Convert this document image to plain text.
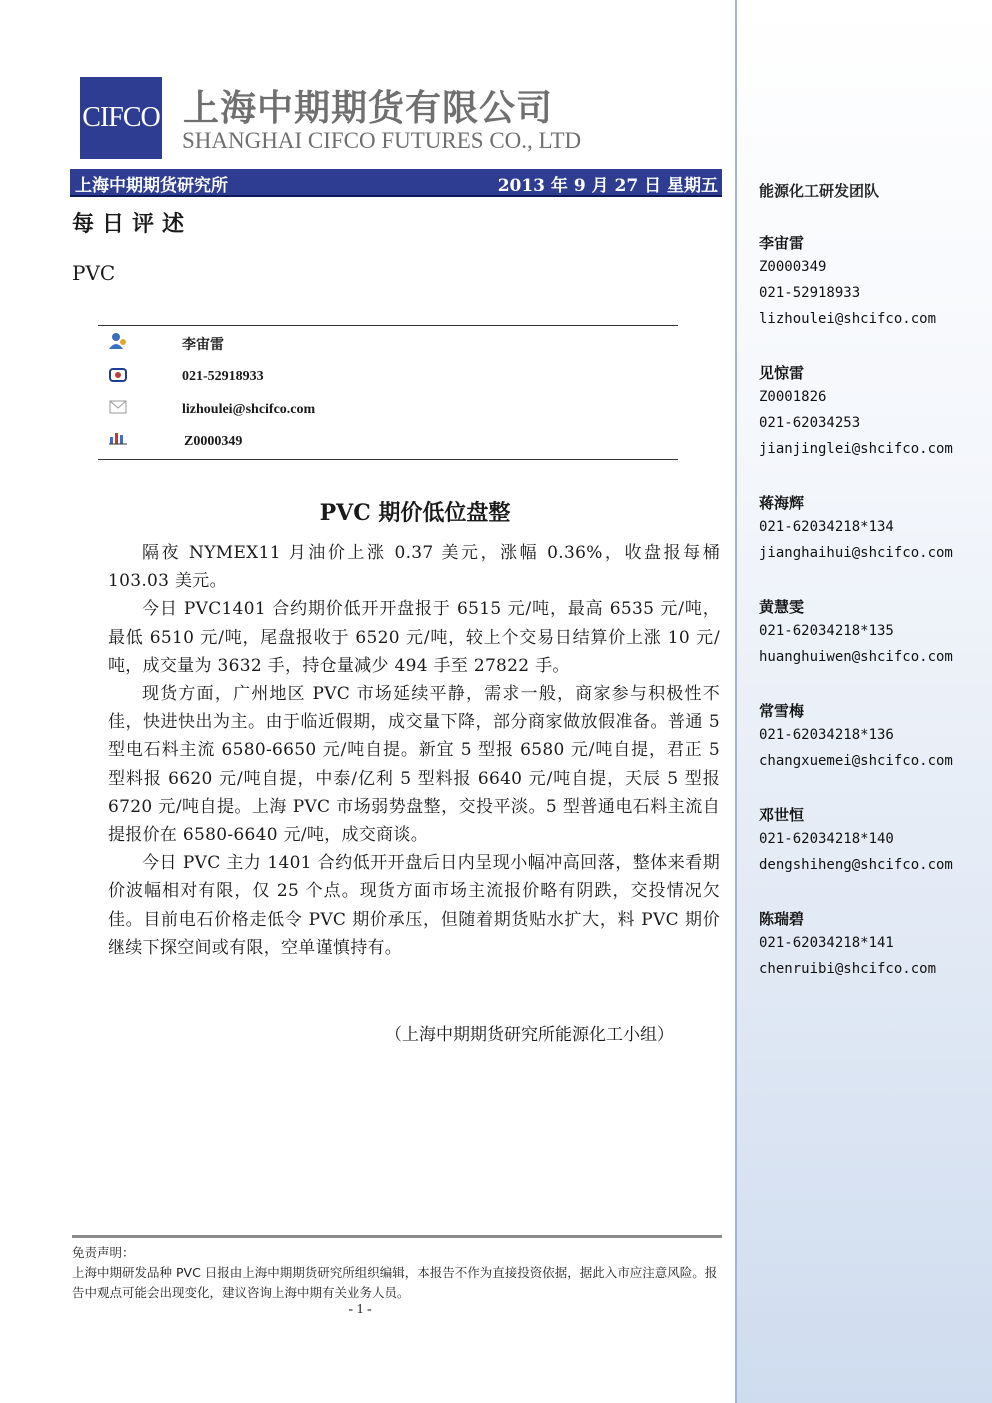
CIFCO 上海中期期货有限公司
SHANGHAI CIFCO FUTURES CO., LTD
上海中期期货研究所	2013 年 9 月 27 日 星期五
每日评述
PVC
李宙雷
021-52918933
lizhoulei@shcifco.com
Z0000349
PVC 期价低位盘整

隔夜 NYMEX11 月油价上涨 0.37 美元，涨幅 0.36%，收盘报每桶 103.03 美元。

今日 PVC1401 合约期价低开开盘报于 6515 元/吨，最高 6535 元/吨，最低 6510 元/吨，尾盘报收于 6520 元/吨，较上个交易日结算价上涨 10 元/吨，成交量为 3632 手，持仓量减少 494 手至 27822 手。

现货方面，广州地区 PVC 市场延续平静，需求一般，商家参与积极性不佳，快进快出为主。由于临近假期，成交量下降，部分商家做放假准备。普通 5 型电石料主流 6580-6650 元/吨自提。新宜 5 型报 6580 元/吨自提，君正 5 型料报 6620 元/吨自提，中泰/亿利 5 型料报 6640 元/吨自提，天辰 5 型报 6720 元/吨自提。上海 PVC 市场弱势盘整，交投平淡。5 型普通电石料主流自提报价在 6580-6640 元/吨，成交商谈。

今日 PVC 主力 1401 合约低开开盘后日内呈现小幅冲高回落，整体来看期价波幅相对有限，仅 25 个点。现货方面市场主流报价略有阴跌，交投情况欠佳。目前电石价格走低令 PVC 期价承压，但随着期货贴水扩大，料 PVC 期价继续下探空间或有限，空单谨慎持有。

（上海中期期货研究所能源化工小组）
免责声明：
上海中期研发品种 PVC 日报由上海中期期货研究所组织编辑，本报告不作为直接投资依据，据此入市应注意风险。报告中观点可能会出现变化，建议咨询上海中期有关业务人员。
- 1 -
能源化工研发团队
李宙雷
Z0000349
021-52918933
lizhoulei@shcifco.com
见惊雷
Z0001826
021-62034253
jianjinglei@shcifco.com
蒋海辉
021-62034218*134
jianghaihui@shcifco.com
黄慧雯
021-62034218*135
huanghuiwen@shcifco.com
常雪梅
021-62034218*136
changxuemei@shcifco.com
邓世恒
021-62034218*140
dengshiheng@shcifco.com
陈瑞碧
021-62034218*141
chenruibi@shcifco.com
